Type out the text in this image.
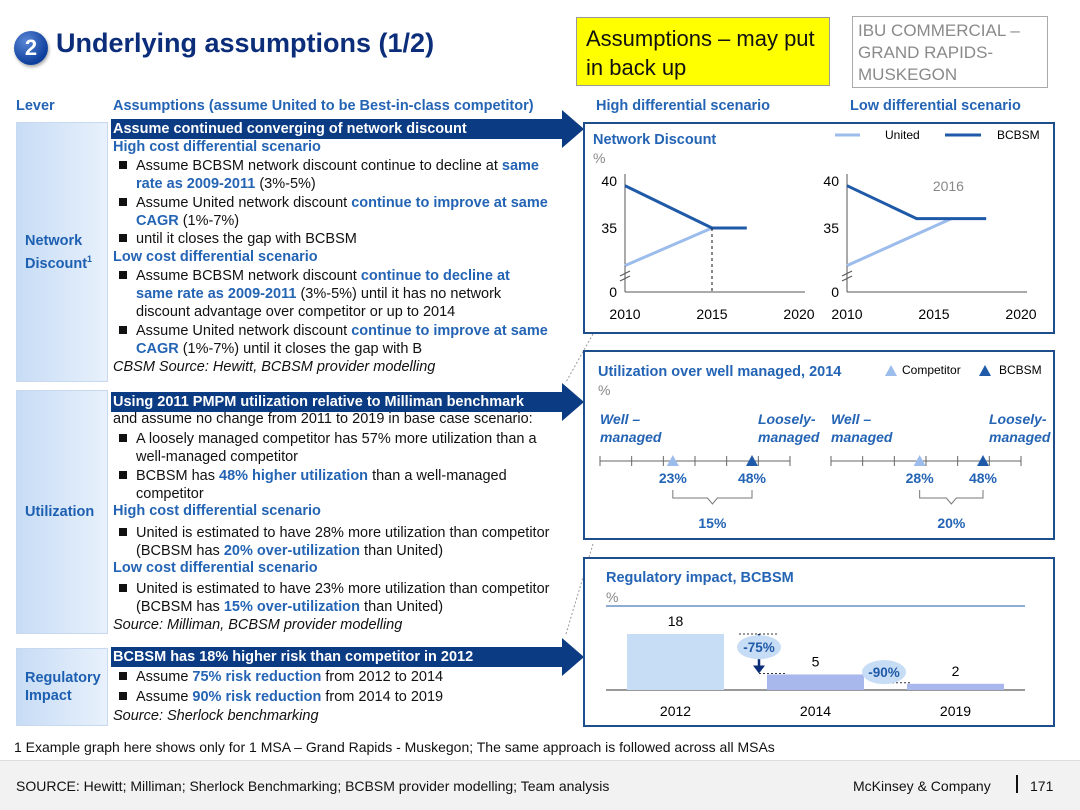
2 Underlying assumptions (1/2)	Assumptions – may put in back up
IBU COMMERCIAL –
GRAND RAPIDS-
MUSKEGON
Lever	Assumptions (assume United to be Best-in-class competitor)	High differential scenario	Low differential scenario
Network Discount$^1$
Utilization
Regulatory Impact
Assume continued converging of network discount
High cost differential scenario
Assume BCBSM network discount continue to decline at same rate as 2009-2011 (3%-5%)
Assume United network discount continue to improve at same CAGR (1%-7%)
until it closes the gap with BCBSM
Low cost differential scenario
Assume BCBSM network discount continue to decline at same rate as 2009-2011 (3%-5%) until it has no network discount advantage over competitor or up to 2014
Assume United network discount continue to improve at same CAGR (1%-7%) until it closes the gap with B
CBSM Source: Hewitt, BCBSM provider modelling
Using 2011 PMPM utilization relative to Milliman benchmark
and assume no change from 2011 to 2019 in base case scenario:
A loosely managed competitor has 57% more utilization than a well-managed competitor
BCBSM has 48% higher utilization than a well-managed competitor
High cost differential scenario
United is estimated to have 28% more utilization than competitor (BCBSM has 20% over-utilization than United)
Low cost differential scenario
United is estimated to have 23% more utilization than competitor (BCBSM has 15% over-utilization than United)
Source: Milliman, BCBSM provider modelling
BCBSM has 18% higher risk than competitor in 2012
Assume 75% risk reduction from 2012 to 2014
Assume 90% risk reduction from 2014 to 2019
Source: Sherlock benchmarking
Network Discount
%
United	BCBSM
40
35
0
2010	2015	2020
40
35
0
2010	2015	2020
2016
Utilization over well managed, 2014
%
Competitor	BCBSM
Well –
managed
Loosely-
managed
23%	48%
15%
Well –
managed
Loosely-
managed
28%	48%
20%
Regulatory impact, BCBSM
%
18
2012
5
2014
2
2019
-75%
-90%
1 Example graph here shows only for 1 MSA – Grand Rapids - Muskegon; The same approach is followed across all MSAs
SOURCE: Hewitt; Milliman; Sherlock Benchmarking; BCBSM provider modelling; Team analysis	McKinsey & Company	171
